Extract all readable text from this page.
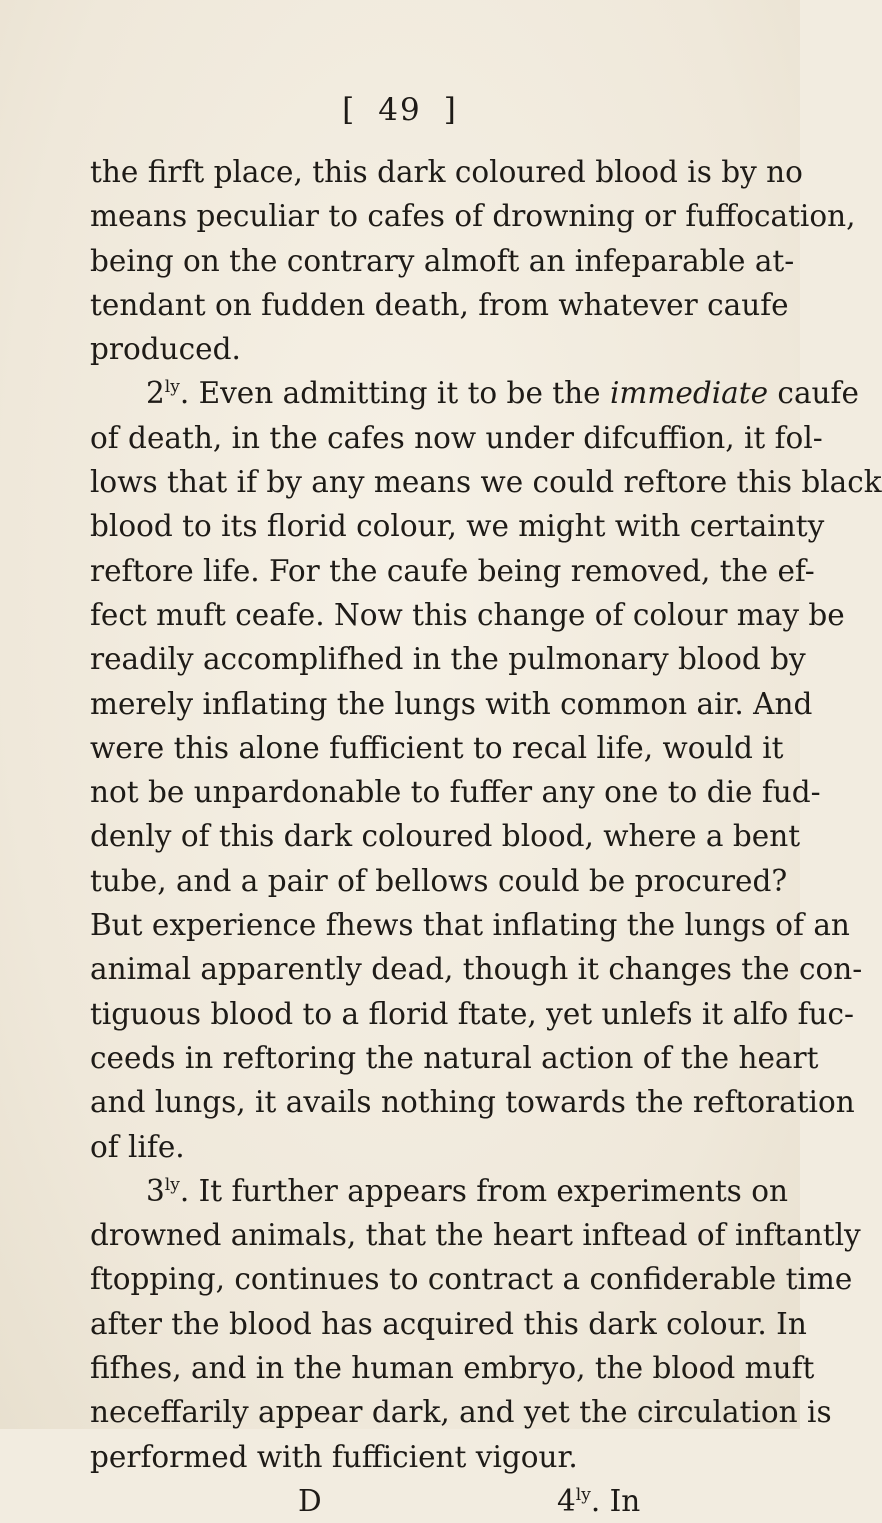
[ 49 ]
the firft place, this dark coloured blood is by no
means peculiar to cafes of drowning or fuffocation,
being on the contrary almoft an infeparable at-
tendant on fudden death, from whatever caufe
produced.
$2^{ly}$. Even admitting it to be the immediate caufe
of death, in the cafes now under difcuffion, it fol-
lows that if by any means we could reftore this black
blood to its florid colour, we might with certainty
reftore life. For the caufe being removed, the ef-
fect muft ceafe. Now this change of colour may be
readily accomplifhed in the pulmonary blood by
merely inflating the lungs with common air. And
were this alone fufficient to recal life, would it
not be unpardonable to fuffer any one to die fud-
denly of this dark coloured blood, where a bent
tube, and a pair of bellows could be procured?
But experience fhews that inflating the lungs of an
animal apparently dead, though it changes the con-
tiguous blood to a florid ftate, yet unlefs it alfo fuc-
ceeds in reftoring the natural action of the heart
and lungs, it avails nothing towards the reftoration
of life.
$3^{ly}$. It further appears from experiments on
drowned animals, that the heart inftead of inftantly
ftopping, continues to contract a confiderable time
after the blood has acquired this dark colour. In
fifhes, and in the human embryo, the blood muft
neceffarily appear dark, and yet the circulation is
performed with fufficient vigour.
D	$4^{ly}$. In
